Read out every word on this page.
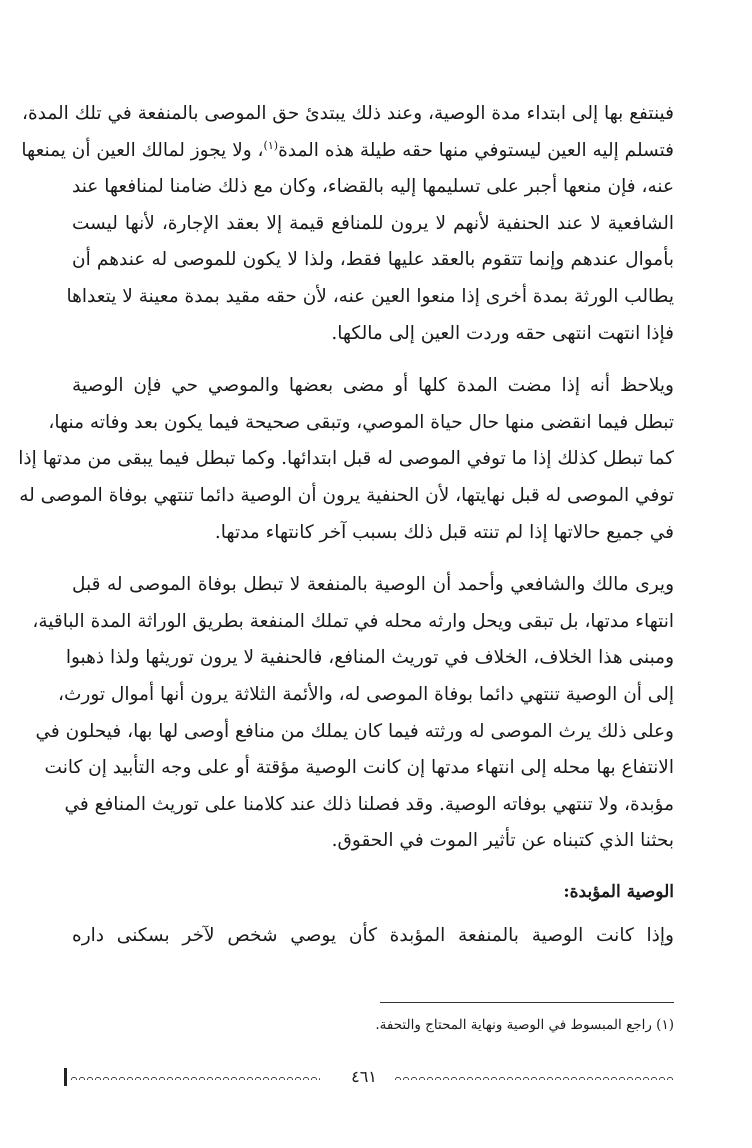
فينتفع بها إلى ابتداء مدة الوصية، وعند ذلك يبتدئ حق الموصى بالمنفعة في تلك المدة،
فتسلم إليه العين ليستوفي منها حقه طيلة هذه المدة$^{(١)}$، ولا يجوز لمالك العين أن يمنعها
عنه، فإن منعها أجبر على تسليمها إليه بالقضاء، وكان مع ذلك ضامنا لمنافعها عند
الشافعية لا عند الحنفية لأنهم لا يرون للمنافع قيمة إلا بعقد الإجارة، لأنها ليست
بأموال عندهم وإنما تتقوم بالعقد عليها فقط، ولذا لا يكون للموصى له عندهم أن
يطالب الورثة بمدة أخرى إذا منعوا العين عنه، لأن حقه مقيد بمدة معينة لا يتعداها
فإذا انتهت انتهى حقه وردت العين إلى مالكها.
ويلاحظ أنه إذا مضت المدة كلها أو مضى بعضها والموصي حي فإن الوصية
تبطل فيما انقضى منها حال حياة الموصي، وتبقى صحيحة فيما يكون بعد وفاته منها،
كما تبطل كذلك إذا ما توفي الموصى له قبل ابتدائها. وكما تبطل فيما يبقى من مدتها إذا
توفي الموصى له قبل نهايتها، لأن الحنفية يرون أن الوصية دائما تنتهي بوفاة الموصى له
في جميع حالاتها إذا لم تنته قبل ذلك بسبب آخر كانتهاء مدتها.
ويرى مالك والشافعي وأحمد أن الوصية بالمنفعة لا تبطل بوفاة الموصى له قبل
انتهاء مدتها، بل تبقى ويحل وارثه محله في تملك المنفعة بطريق الوراثة المدة الباقية،
ومبنى هذا الخلاف، الخلاف في توريث المنافع، فالحنفية لا يرون توريثها ولذا ذهبوا
إلى أن الوصية تنتهي دائما بوفاة الموصى له، والأئمة الثلاثة يرون أنها أموال تورث،
وعلى ذلك يرث الموصى له ورثته فيما كان يملك من منافع أوصى لها بها، فيحلون في
الانتفاع بها محله إلى انتهاء مدتها إن كانت الوصية مؤقتة أو على وجه التأبيد إن كانت
مؤبدة، ولا تنتهي بوفاته الوصية. وقد فصلنا ذلك عند كلامنا على توريث المنافع في
بحثنا الذي كتبناه عن تأثير الموت في الحقوق.
الوصية المؤبدة:
وإذا كانت الوصية بالمنفعة المؤبدة كأن يوصي شخص لآخر بسكنى داره
(١) راجع المبسوط في الوصية ونهاية المحتاج والتحفة.
٤٦١
